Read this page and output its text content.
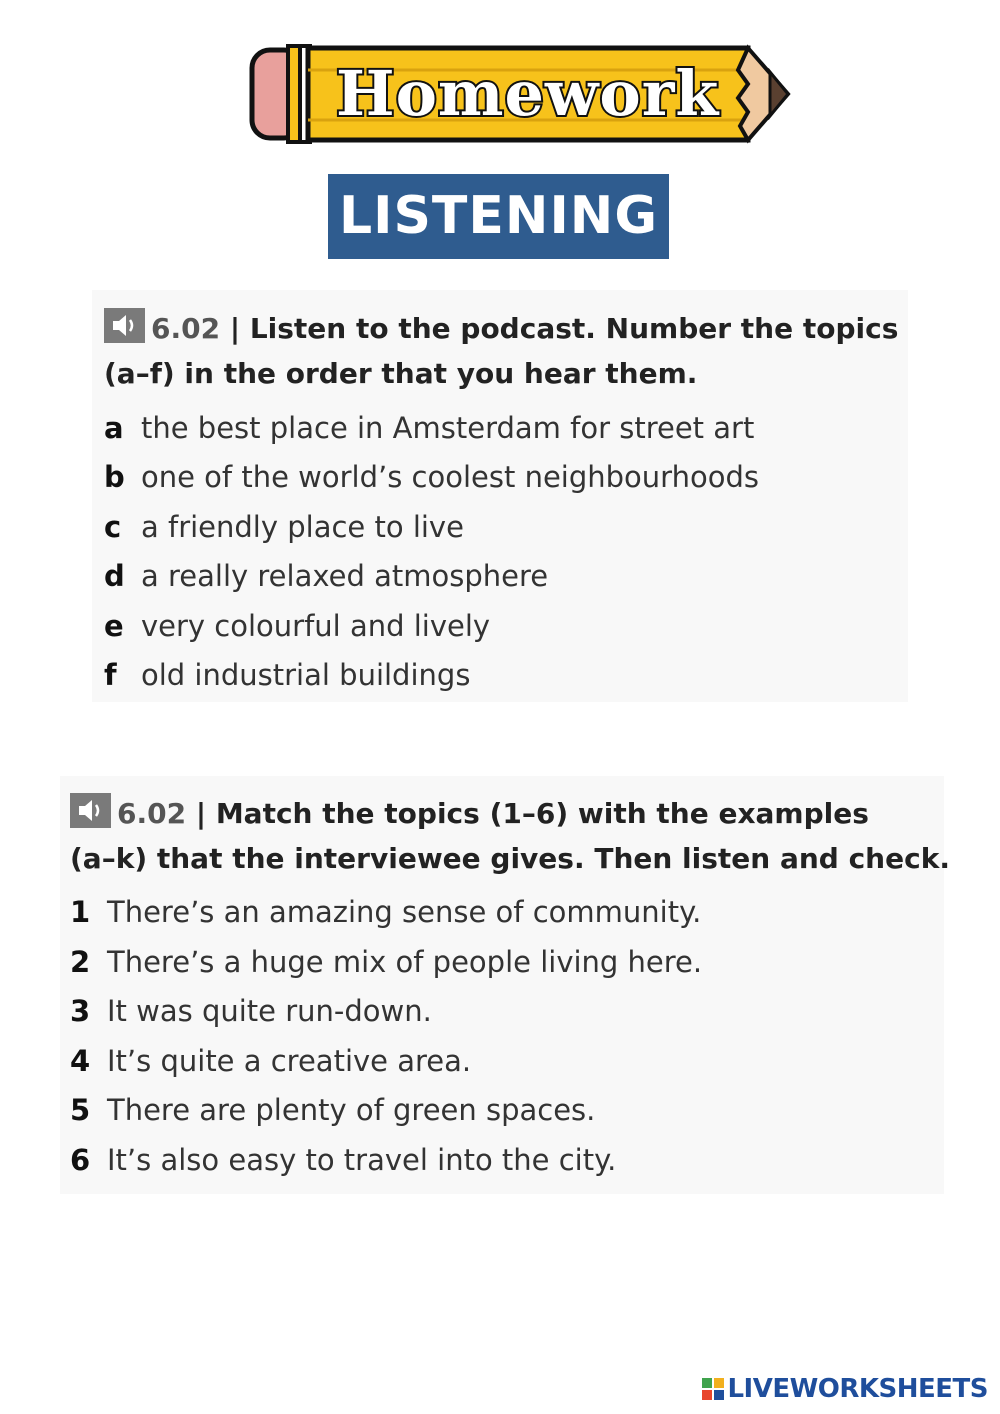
Homework
LISTENING
6.02 | Listen to the podcast. Number the topics
(a–f) in the order that you hear them.
a the best place in Amsterdam for street art
b one of the world’s coolest neighbourhoods
c a friendly place to live
d a really relaxed atmosphere
e very colourful and lively
f old industrial buildings
6.02 | Match the topics (1–6) with the examples
(a–k) that the interviewee gives. Then listen and check.
1 There’s an amazing sense of community.
2 There’s a huge mix of people living here.
3 It was quite run-down.
4 It’s quite a creative area.
5 There are plenty of green spaces.
6 It’s also easy to travel into the city.
LIVEWORKSHEETS
